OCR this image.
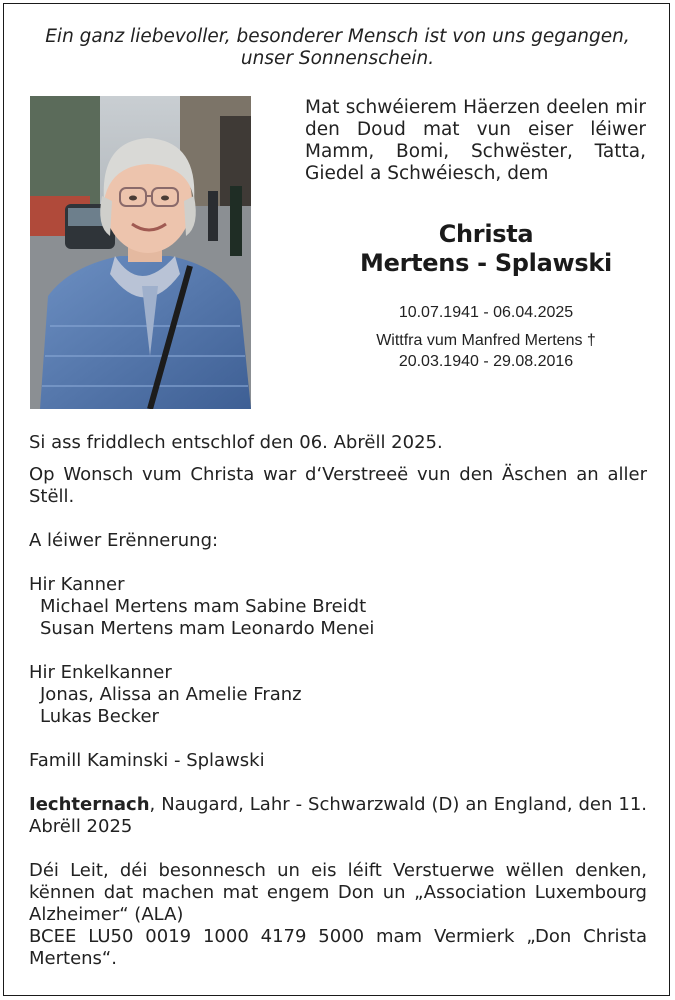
Ein ganz liebevoller, besonderer Mensch ist von uns gegangen,
unser Sonnenschein.
Mat schwéierem Häerzen deelen mir den Doud mat vun eiser léiwer Mamm, Bomi, Schwëster, Tatta, Giedel a Schwéiesch, dem
Christa
Mertens - Splawski
10.07.1941 - 06.04.2025
Wittfra vum Manfred Mertens †
20.03.1940 - 29.08.2016

Si ass friddlech entschlof den 06. Abrëll 2025.

Op Wonsch vum Christa war d‘Verstreeë vun den Äschen an aller Stëll.

A léiwer Erënnerung:

Hir Kanner

Michael Mertens mam Sabine Breidt

Susan Mertens mam Leonardo Menei

Hir Enkelkanner

Jonas, Alissa an Amelie Franz

Lukas Becker

Famill Kaminski - Splawski

Iechternach, Naugard, Lahr - Schwarzwald (D) an England, den 11. Abrëll 2025

Déi Leit, déi besonnesch un eis léift Verstuerwe wëllen denken, kënnen dat machen mat engem Don un „Association Luxembourg Alzheimer“ (ALA)

BCEE LU50 0019 1000 4179 5000 mam Vermierk „Don Christa Mertens“.
